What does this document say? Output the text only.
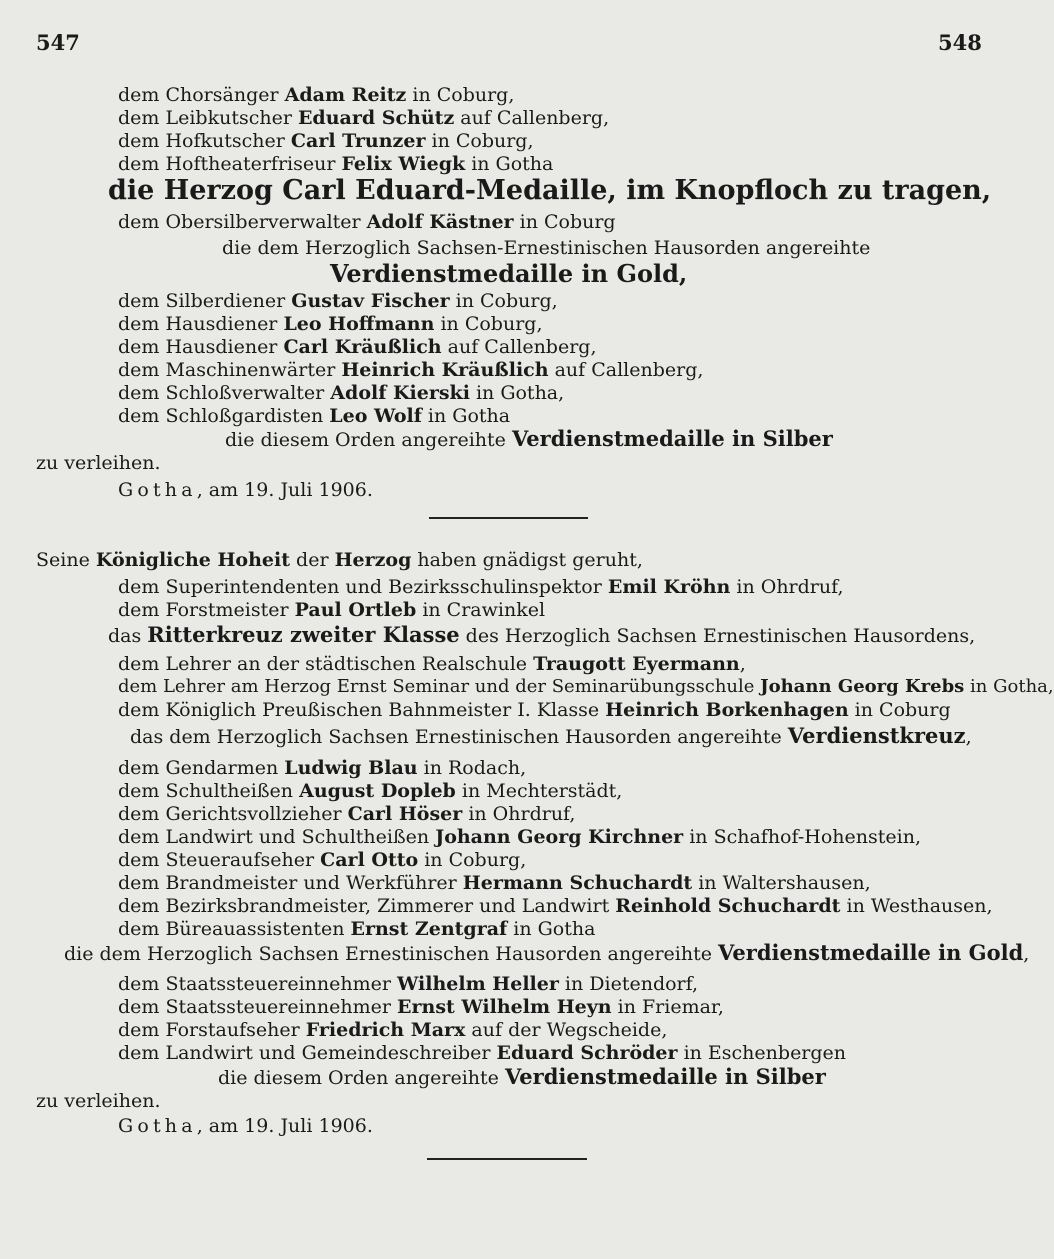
547	548
dem Chorsänger Adam Reitz in Coburg,
dem Leibkutscher Eduard Schütz auf Callenberg,
dem Hofkutscher Carl Trunzer in Coburg,
dem Hoftheaterfriseur Felix Wiegk in Gotha
die Herzog Carl Eduard-Medaille, im Knopfloch zu tragen,
dem Obersilberverwalter Adolf Kästner in Coburg
die dem Herzoglich Sachsen-Ernestinischen Hausorden angereihte
Verdienstmedaille in Gold,
dem Silberdiener Gustav Fischer in Coburg,
dem Hausdiener Leo Hoffmann in Coburg,
dem Hausdiener Carl Kräußlich auf Callenberg,
dem Maschinenwärter Heinrich Kräußlich auf Callenberg,
dem Schloßverwalter Adolf Kierski in Gotha,
dem Schloßgardisten Leo Wolf in Gotha
die diesem Orden angereihte Verdienstmedaille in Silber
zu verleihen.
Gotha, am 19. Juli 1906.
Seine Königliche Hoheit der Herzog haben gnädigst geruht,
dem Superintendenten und Bezirksschulinspektor Emil Kröhn in Ohrdruf,
dem Forstmeister Paul Ortleb in Crawinkel
das Ritterkreuz zweiter Klasse des Herzoglich Sachsen Ernestinischen Hausordens,
dem Lehrer an der städtischen Realschule Traugott Eyermann,
dem Lehrer am Herzog Ernst Seminar und der Seminarübungsschule Johann Georg Krebs in Gotha,
dem Königlich Preußischen Bahnmeister I. Klasse Heinrich Borkenhagen in Coburg
das dem Herzoglich Sachsen Ernestinischen Hausorden angereihte Verdienstkreuz,
dem Gendarmen Ludwig Blau in Rodach,
dem Schultheißen August Dopleb in Mechterstädt,
dem Gerichtsvollzieher Carl Höser in Ohrdruf,
dem Landwirt und Schultheißen Johann Georg Kirchner in Schafhof-Hohenstein,
dem Steueraufseher Carl Otto in Coburg,
dem Brandmeister und Werkführer Hermann Schuchardt in Waltershausen,
dem Bezirksbrandmeister, Zimmerer und Landwirt Reinhold Schuchardt in Westhausen,
dem Büreauassistenten Ernst Zentgraf in Gotha
die dem Herzoglich Sachsen Ernestinischen Hausorden angereihte Verdienstmedaille in Gold,
dem Staatssteuereinnehmer Wilhelm Heller in Dietendorf,
dem Staatssteuereinnehmer Ernst Wilhelm Heyn in Friemar,
dem Forstaufseher Friedrich Marx auf der Wegscheide,
dem Landwirt und Gemeindeschreiber Eduard Schröder in Eschenbergen
die diesem Orden angereihte Verdienstmedaille in Silber
zu verleihen.
Gotha, am 19. Juli 1906.
